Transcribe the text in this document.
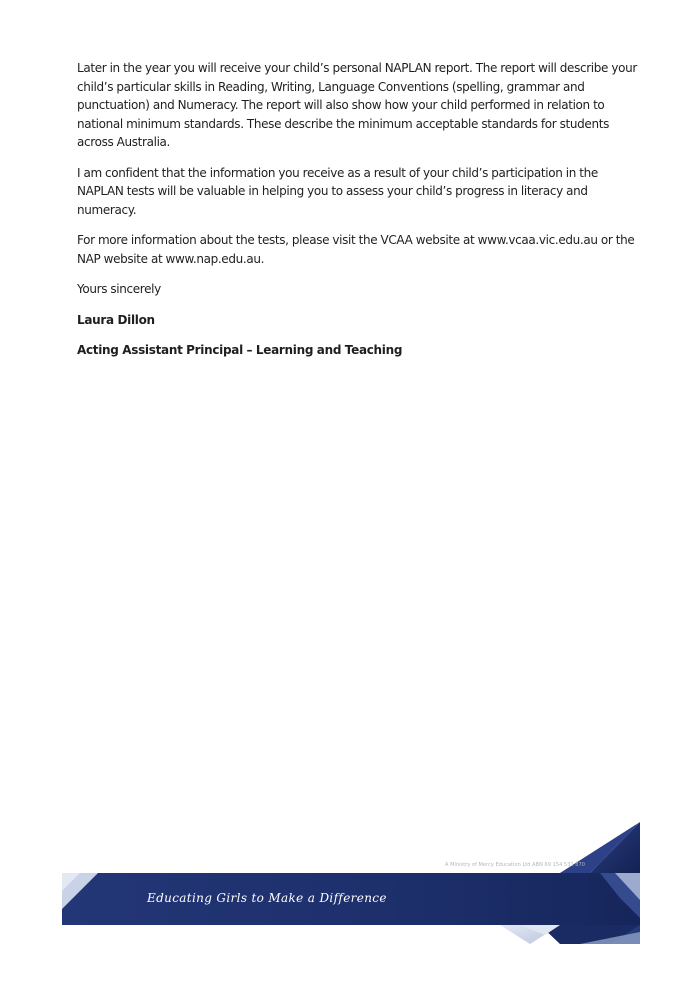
Later in the year you will receive your child’s personal NAPLAN report. The report will describe your child’s particular skills in Reading, Writing, Language Conventions (spelling, grammar and punctuation) and Numeracy. The report will also show how your child performed in relation to national minimum standards. These describe the minimum acceptable standards for students across Australia.

I am confident that the information you receive as a result of your child’s participation in the NAPLAN tests will be valuable in helping you to assess your child’s progress in literacy and numeracy.

For more information about the tests, please visit the VCAA website at www.vcaa.vic.edu.au or the NAP website at www.nap.edu.au.

Yours sincerely

Laura Dillon

Acting Assistant Principal – Learning and Teaching

A Ministry of Mercy Education Ltd ABN 69 154 531 870
Educating Girls to Make a Difference
